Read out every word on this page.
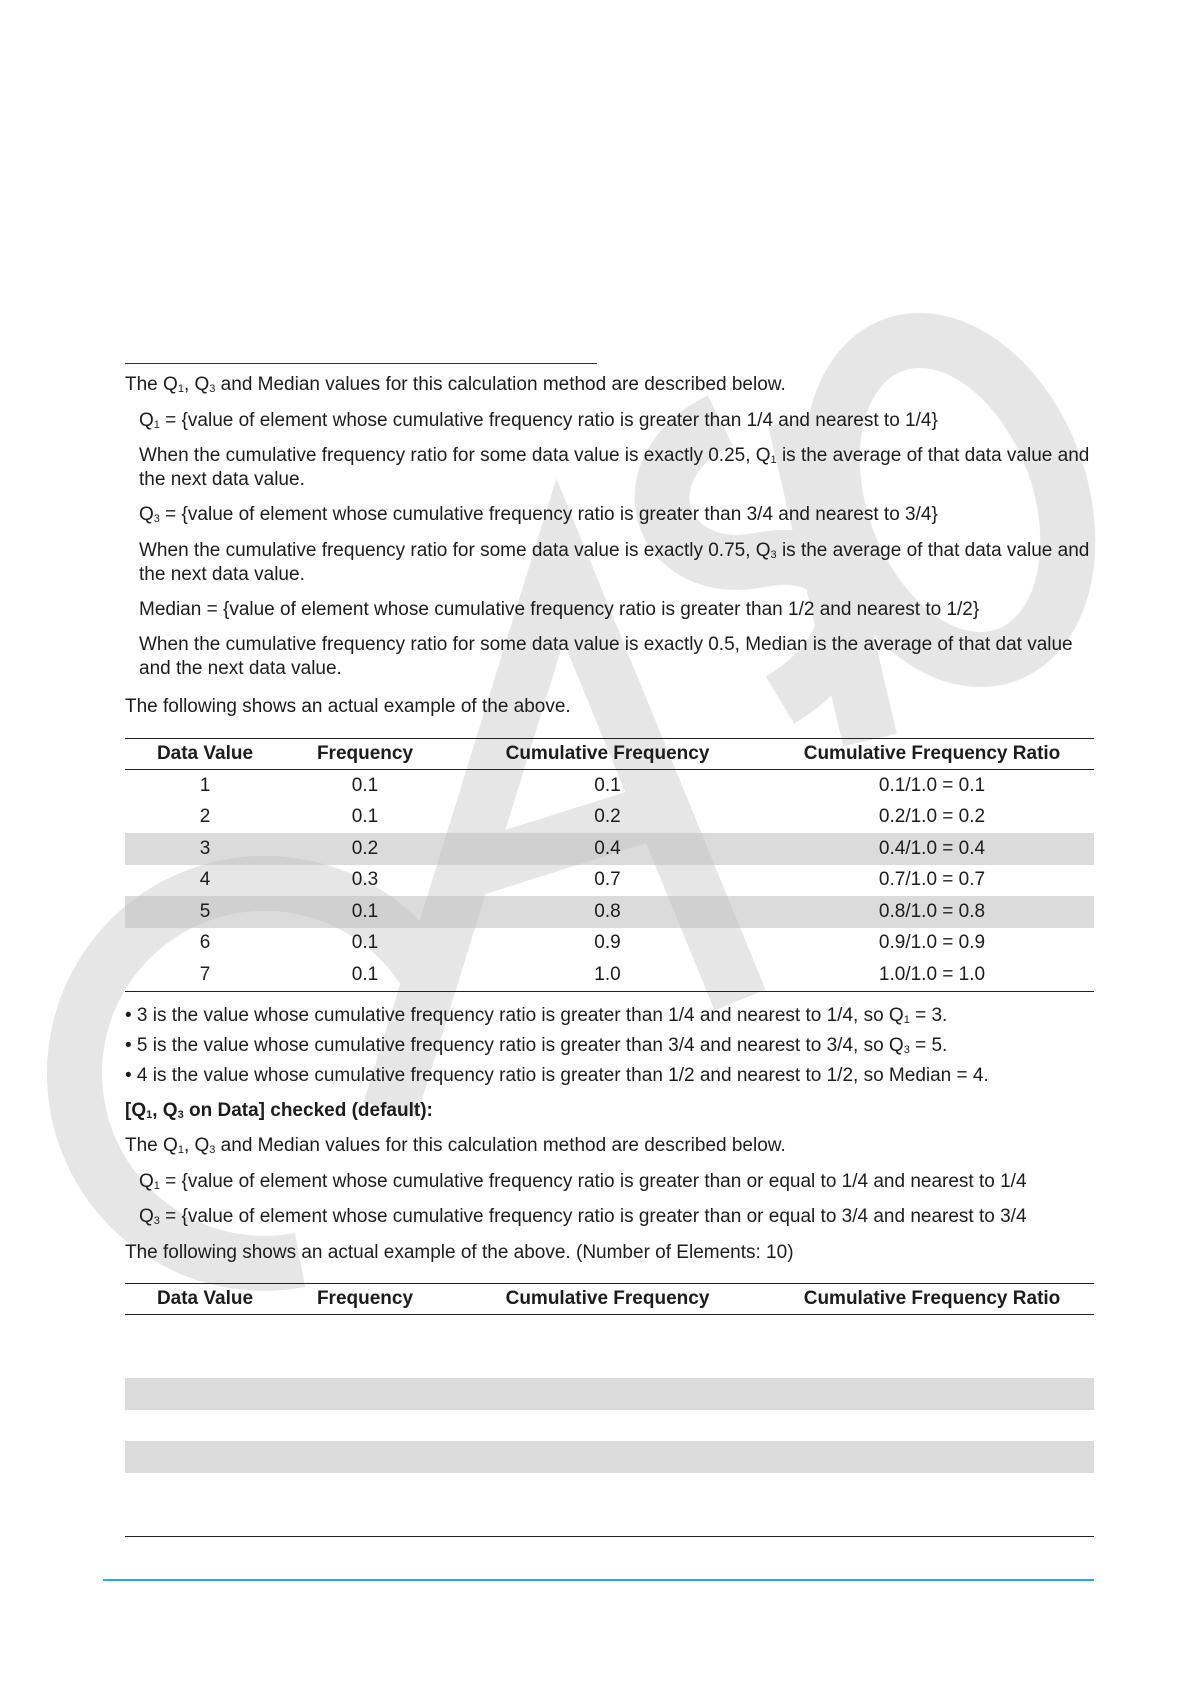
The $Q_1$, $Q_3$ and Median values for this calculation method are described below.
$Q_1$ = {value of element whose cumulative frequency ratio is greater than 1/4 and nearest to 1/4}
When the cumulative frequency ratio for some data value is exactly 0.25, $Q_1$ is the average of that data value and the next data value.
$Q_3$ = {value of element whose cumulative frequency ratio is greater than 3/4 and nearest to 3/4}
When the cumulative frequency ratio for some data value is exactly 0.75, $Q_3$ is the average of that data value and the next data value.
Median = {value of element whose cumulative frequency ratio is greater than 1/2 and nearest to 1/2}
When the cumulative frequency ratio for some data value is exactly 0.5, Median is the average of that dat value and the next data value.
The following shows an actual example of the above.
Data Value	Frequency	Cumulative Frequency	Cumulative Frequency Ratio
1	0.1	0.1	0.1/1.0 = 0.1
2	0.1	0.2	0.2/1.0 = 0.2
3	0.2	0.4	0.4/1.0 = 0.4
4	0.3	0.7	0.7/1.0 = 0.7
5	0.1	0.8	0.8/1.0 = 0.8
6	0.1	0.9	0.9/1.0 = 0.9
7	0.1	1.0	1.0/1.0 = 1.0
• 3 is the value whose cumulative frequency ratio is greater than 1/4 and nearest to 1/4, so $Q_1 = 3$.
• 5 is the value whose cumulative frequency ratio is greater than 3/4 and nearest to 3/4, so $Q_3 = 5$.
• 4 is the value whose cumulative frequency ratio is greater than 1/2 and nearest to 1/2, so Median = 4.
[$Q_1$, $Q_3$ on Data] checked (default):
The $Q_1$, $Q_3$ and Median values for this calculation method are described below.
$Q_1$ = {value of element whose cumulative frequency ratio is greater than or equal to 1/4 and nearest to 1/4
$Q_3$ = {value of element whose cumulative frequency ratio is greater than or equal to 3/4 and nearest to 3/4
The following shows an actual example of the above. (Number of Elements: 10)
Data Value	Frequency	Cumulative Frequency	Cumulative Frequency Ratio
